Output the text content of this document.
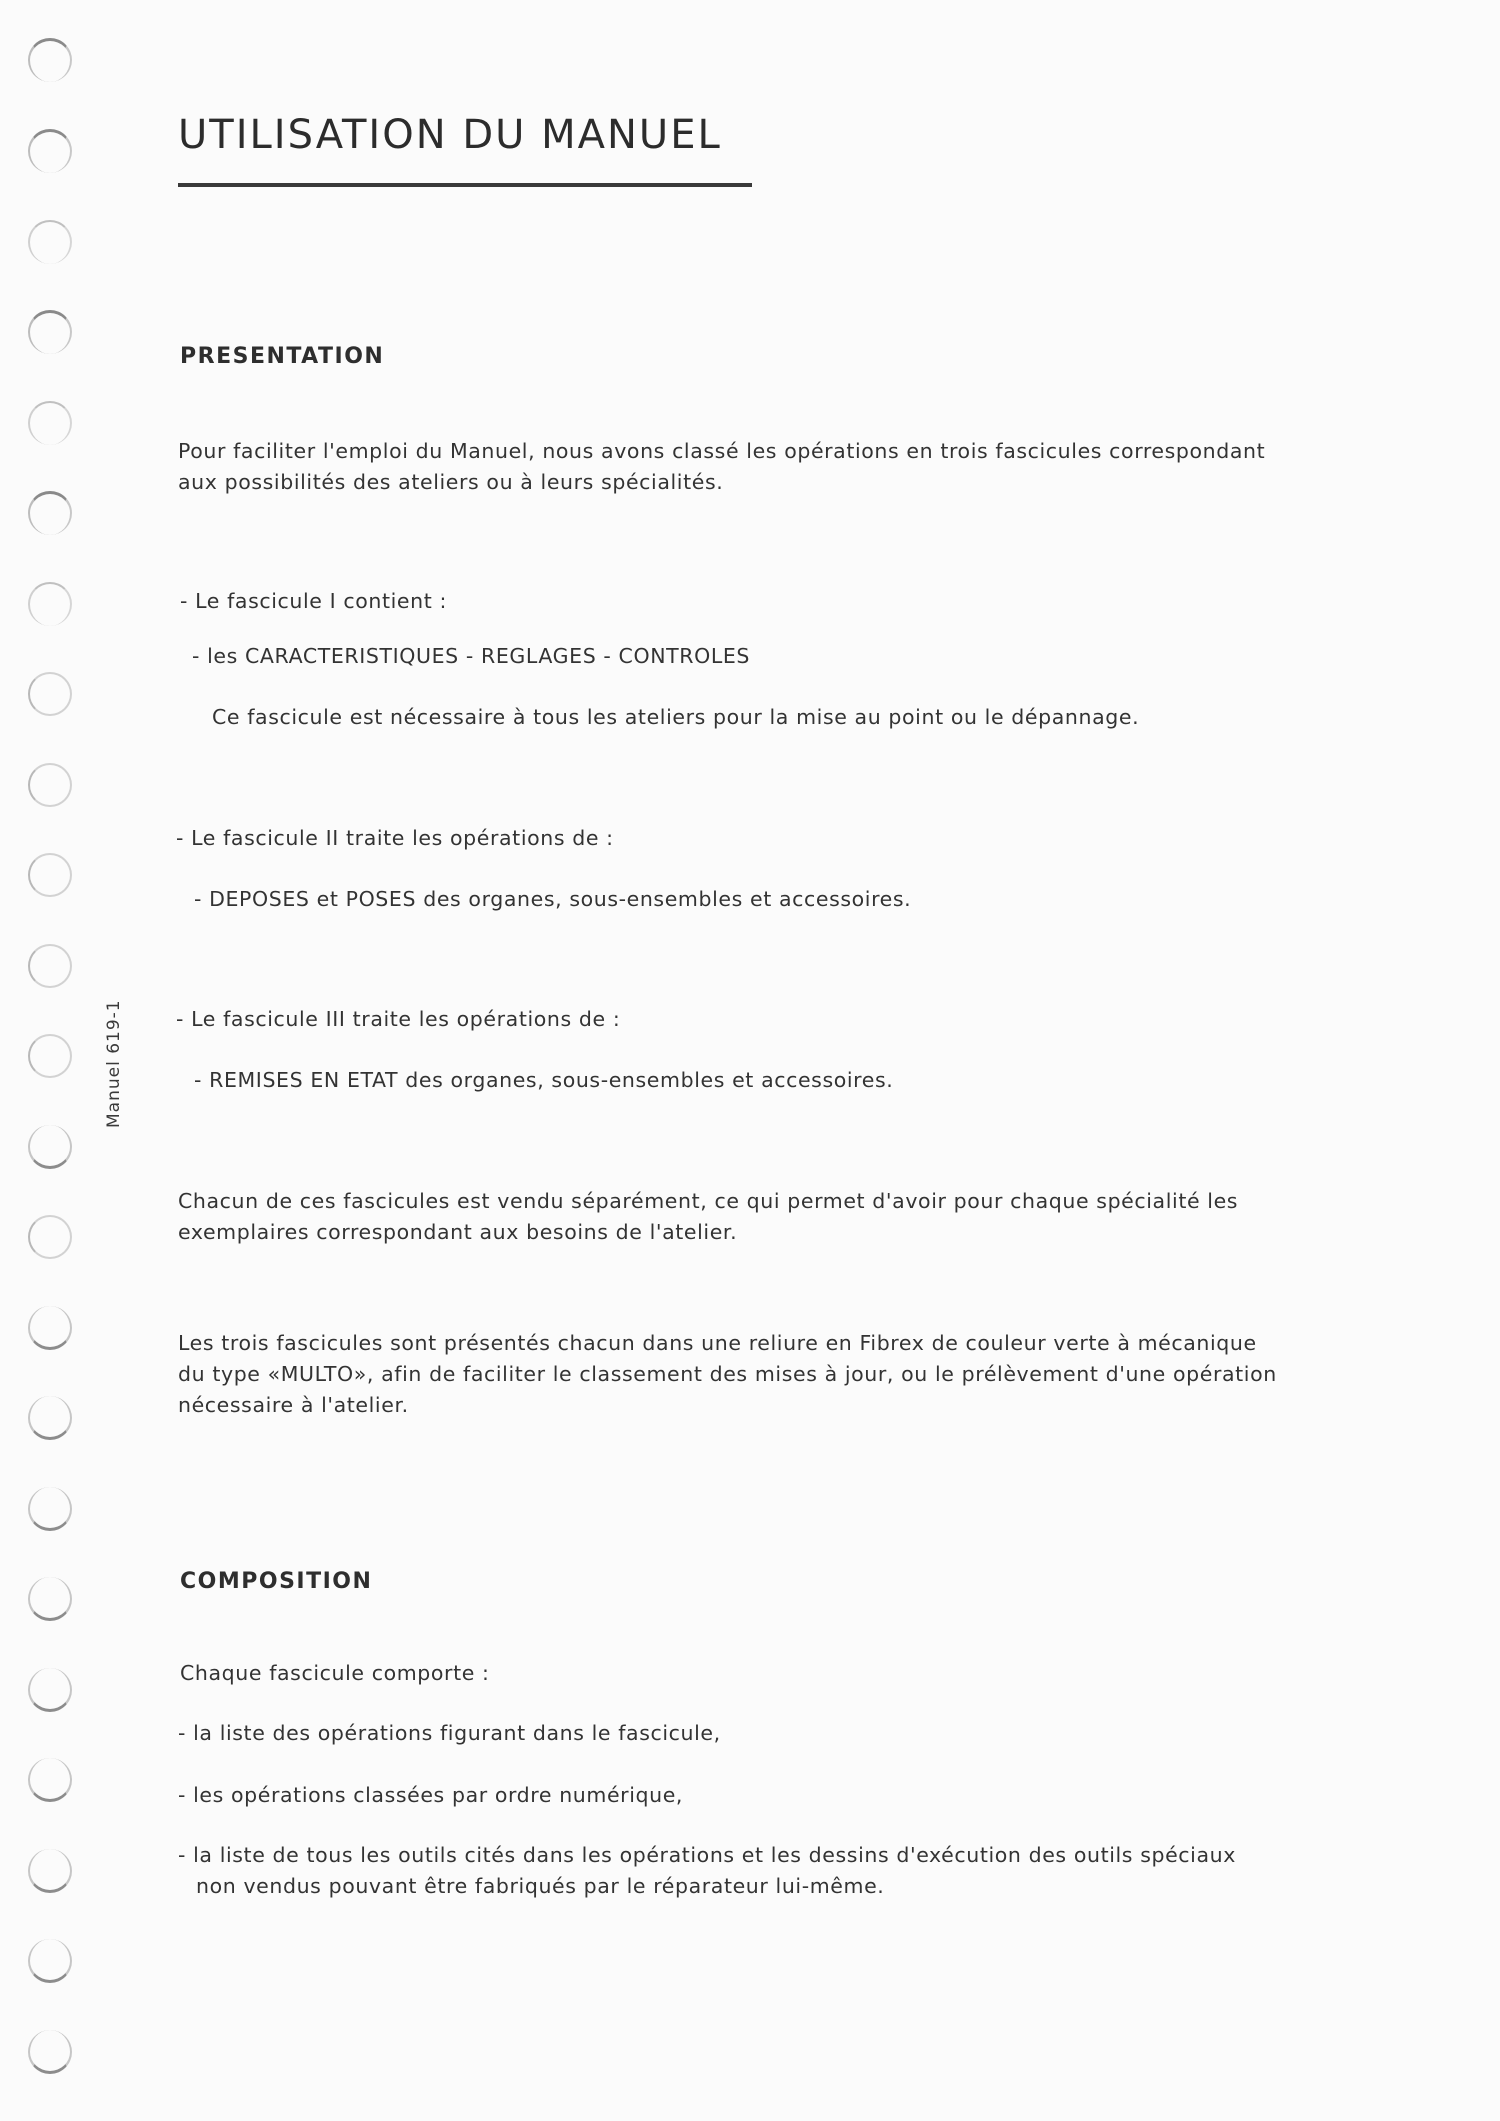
Manuel 619-1
UTILISATION DU MANUEL
PRESENTATION

Pour faciliter l'emploi du Manuel, nous avons classé les opérations en trois fascicules correspondant

aux possibilités des ateliers ou à leurs spécialités.

- Le fascicule I contient :

- les CARACTERISTIQUES - REGLAGES - CONTROLES

Ce fascicule est nécessaire à tous les ateliers pour la mise au point ou le dépannage.

- Le fascicule II traite les opérations de :

- DEPOSES et POSES des organes, sous-ensembles et accessoires.

- Le fascicule III traite les opérations de :

- REMISES EN ETAT des organes, sous-ensembles et accessoires.

Chacun de ces fascicules est vendu séparément, ce qui permet d'avoir pour chaque spécialité les

exemplaires correspondant aux besoins de l'atelier.

Les trois fascicules sont présentés chacun dans une reliure en Fibrex de couleur verte à mécanique

du type «MULTO», afin de faciliter le classement des mises à jour, ou le prélèvement d'une opération

nécessaire à l'atelier.

COMPOSITION

Chaque fascicule comporte :

- la liste des opérations figurant dans le fascicule,

- les opérations classées par ordre numérique,

- la liste de tous les outils cités dans les opérations et les dessins d'exécution des outils spéciaux

non vendus pouvant être fabriqués par le réparateur lui-même.
